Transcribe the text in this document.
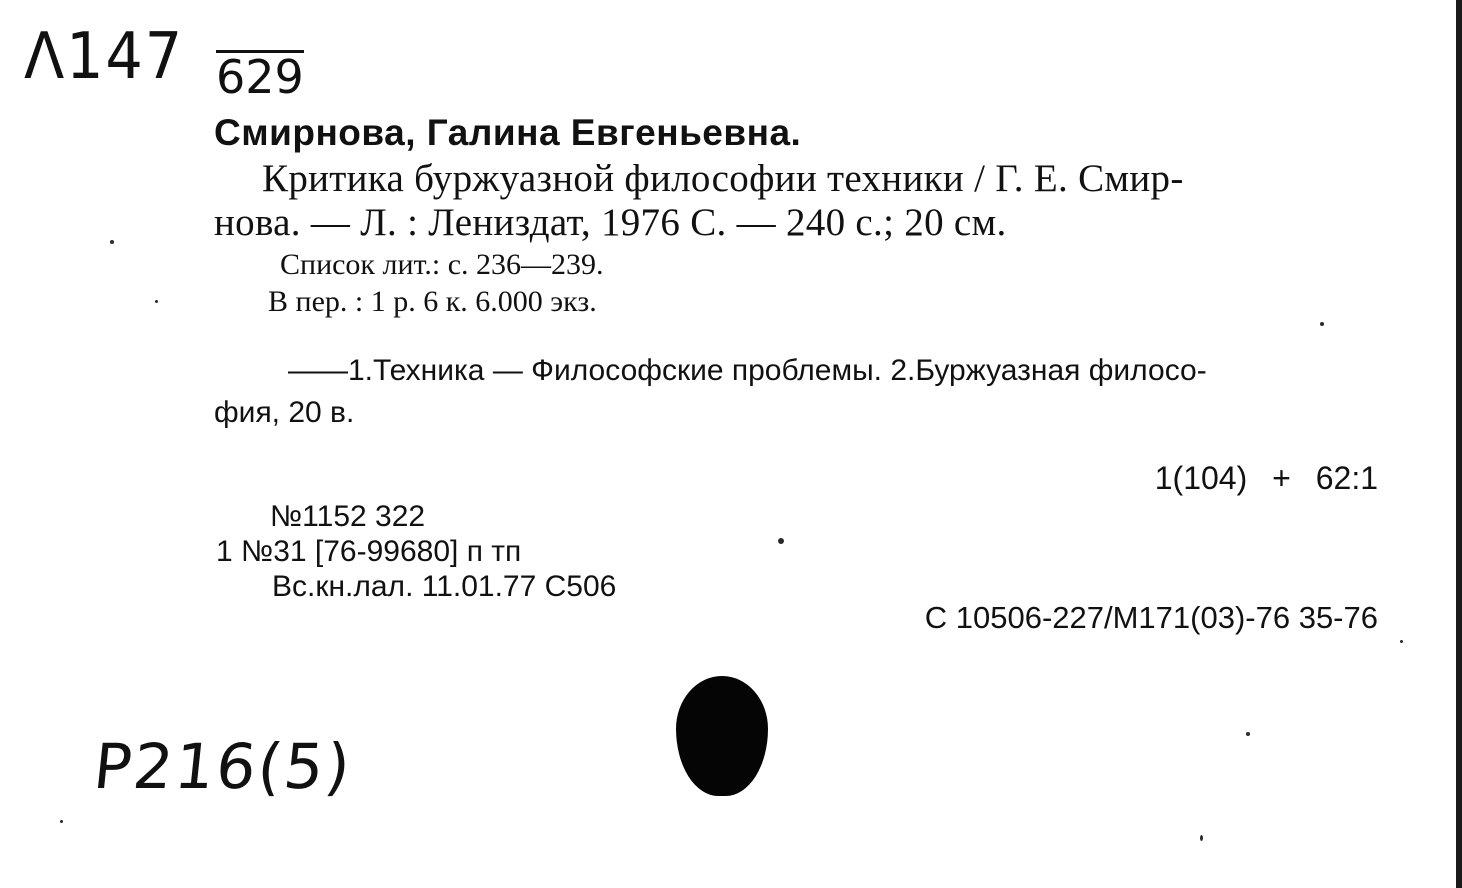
Λ147 629
Смирнова, Галина Евгеньевна.
Критика буржуазной философии техники / Г. Е. Смир-
нова. — Л. : Лениздат, 1976 С. — 240 с.; 20 см.
Список лит.: с. 236—239.
В пер. : 1 р. 6 к. 6.000 экз.
——1.Техника — Философские проблемы. 2.Буржуазная филосо-
фия, 20 в.
1(104) + 62:1
№1152 322
1 №31 [76-99680] п тп
Вс.кн.лал. 11.01.77 С506
С 10506-227/М171(03)-76 35-76
P216(5)
